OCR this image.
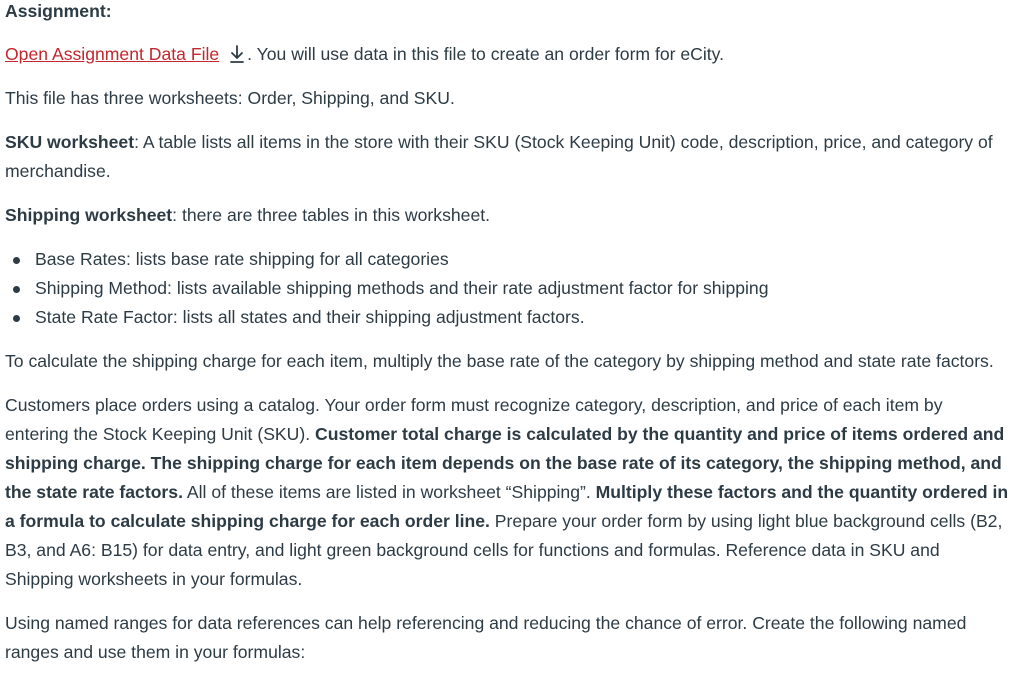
Assignment:

Open Assignment Data File . You will use data in this file to create an order form for eCity.

This file has three worksheets: Order, Shipping, and SKU.

SKU worksheet: A table lists all items in the store with their SKU (Stock Keeping Unit) code, description, price, and category of merchandise.

Shipping worksheet: there are three tables in this worksheet.

Base Rates: lists base rate shipping for all categories
Shipping Method: lists available shipping methods and their rate adjustment factor for shipping
State Rate Factor: lists all states and their shipping adjustment factors.

To calculate the shipping charge for each item, multiply the base rate of the category by shipping method and state rate factors.

Customers place orders using a catalog. Your order form must recognize category, description, and price of each item by entering the Stock Keeping Unit (SKU). Customer total charge is calculated by the quantity and price of items ordered and shipping charge. The shipping charge for each item depends on the base rate of its category, the shipping method, and the state rate factors. All of these items are listed in worksheet “Shipping”. Multiply these factors and the quantity ordered in a formula to calculate shipping charge for each order line. Prepare your order form by using light blue background cells (B2, B3, and A6: B15) for data entry, and light green background cells for functions and formulas. Reference data in SKU and Shipping worksheets in your formulas.

Using named ranges for data references can help referencing and reducing the chance of error. Create the following named ranges and use them in your formulas:
